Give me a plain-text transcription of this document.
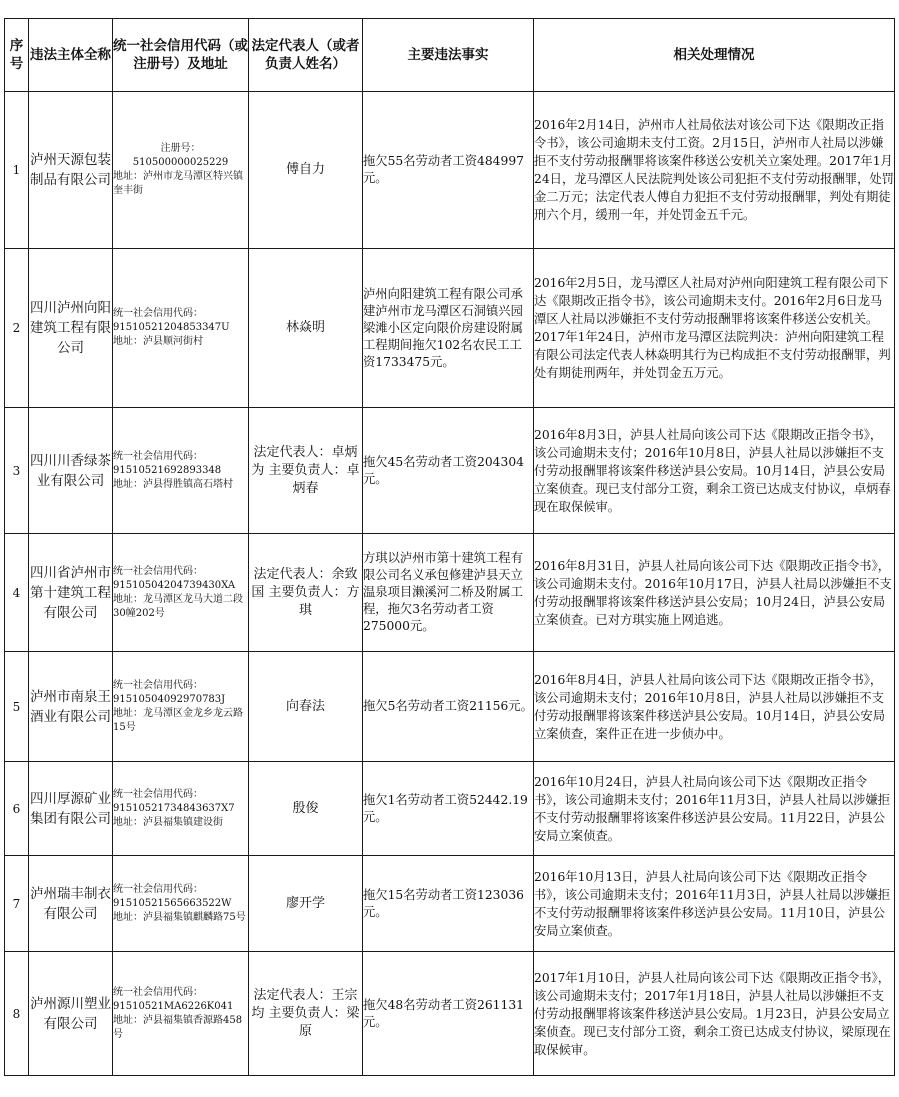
序号	违法主体全称	统一社会信用代码（或注册号）及地址	法定代表人（或者负责人姓名）	主要违法事实	相关处理情况
1	泸州天源包装制品有限公司	注册号：
510500000025229
地址：泸州市龙马潭区特兴镇奎丰街	傅自力	拖欠55名劳动者工资484997元。	2016年2月14日，泸州市人社局依法对该公司下达《限期改正指令书》，该公司逾期未支付工资。2月15日，泸州市人社局以涉嫌拒不支付劳动报酬罪将该案件移送公安机关立案处理。2017年1月24日，龙马潭区人民法院判处该公司犯拒不支付劳动报酬罪，处罚金二万元；法定代表人傅自力犯拒不支付劳动报酬罪，判处有期徒刑六个月，缓刑一年，并处罚金五千元。
2	四川泸州向阳建筑工程有限公司	统一社会信用代码：
91510521204853347U
地址：泸县顺河街村	林焱明	泸州向阳建筑工程有限公司承建泸州市龙马潭区石洞镇兴园梁滩小区定向限价房建设附属工程期间拖欠102名农民工工资1733475元。	2016年2月5日，龙马潭区人社局对泸州向阳建筑工程有限公司下达《限期改正指令书》，该公司逾期未支付。2016年2月6日龙马潭区人社局以涉嫌拒不支付劳动报酬罪将该案件移送公安机关。2017年1年24日，泸州市龙马潭区法院判决：泸州向阳建筑工程有限公司法定代表人林焱明其行为已构成拒不支付劳动报酬罪，判处有期徒刑两年，并处罚金五万元。
3	四川川香绿茶业有限公司	统一社会信用代码：
91510521692893348
地址：泸县得胜镇高石塔村	法定代表人：卓炳为 主要负责人：卓炳春	拖欠45名劳动者工资204304元。	2016年8月3日，泸县人社局向该公司下达《限期改正指令书》，该公司逾期未支付；2016年10月8日，泸县人社局以涉嫌拒不支付劳动报酬罪将该案件移送泸县公安局。10月14日，泸县公安局立案侦查。现已支付部分工资，剩余工资已达成支付协议，卓炳春现在取保候审。
4	四川省泸州市第十建筑工程有限公司	统一社会信用代码：
91510504204739430XA
地址：龙马潭区龙马大道二段30幢202号	法定代表人：余致国 主要负责人：方琪	方琪以泸州市第十建筑工程有限公司名义承包修建泸县天立温泉项目濑溪河二桥及附属工程，拖欠3名劳动者工资275000元。	2016年8月31日，泸县人社局向该公司下达《限期改正指令书》，该公司逾期未支付。2016年10月17日，泸县人社局以涉嫌拒不支付劳动报酬罪将该案件移送泸县公安局；10月24日，泸县公安局立案侦查。已对方琪实施上网追逃。
5	泸州市南泉王酒业有限公司	统一社会信用代码：
91510504092970783J
地址：龙马潭区金龙乡龙云路15号	向春法	拖欠5名劳动者工资21156元。	2016年8月4日，泸县人社局向该公司下达《限期改正指令书》，该公司逾期未支付；2016年10月8日，泸县人社局以涉嫌拒不支付劳动报酬罪将该案件移送泸县公安局。10月14日，泸县公安局立案侦查，案件正在进一步侦办中。
6	四川厚源矿业集团有限公司	统一社会信用代码：
91510521734843637X7
地址：泸县福集镇建设街	殷俊	拖欠1名劳动者工资52442.19元。	2016年10月24日，泸县人社局向该公司下达《限期改正指令书》，该公司逾期未支付；2016年11月3日，泸县人社局以涉嫌拒不支付劳动报酬罪将该案件移送泸县公安局。11月22日，泸县公安局立案侦查。
7	泸州瑞丰制衣有限公司	统一社会信用代码：
91510521565663522W
地址：泸县福集镇麒麟路75号	廖开学	拖欠15名劳动者工资123036元。	2016年10月13日，泸县人社局向该公司下达《限期改正指令书》，该公司逾期未支付；2016年11月3日，泸县人社局以涉嫌拒不支付劳动报酬罪将该案件移送泸县公安局。11月10日，泸县公安局立案侦查。
8	泸州源川塑业有限公司	统一社会信用代码：
91510521MA6226K041
地址：泸县福集镇香源路458号	法定代表人：王宗均 主要负责人：梁原	拖欠48名劳动者工资261131元。	2017年1月10日，泸县人社局向该公司下达《限期改正指令书》，该公司逾期未支付；2017年1月18日，泸县人社局以涉嫌拒不支付劳动报酬罪将该案件移送泸县公安局。1月23日，泸县公安局立案侦查。现已支付部分工资，剩余工资已达成支付协议，梁原现在取保候审。
